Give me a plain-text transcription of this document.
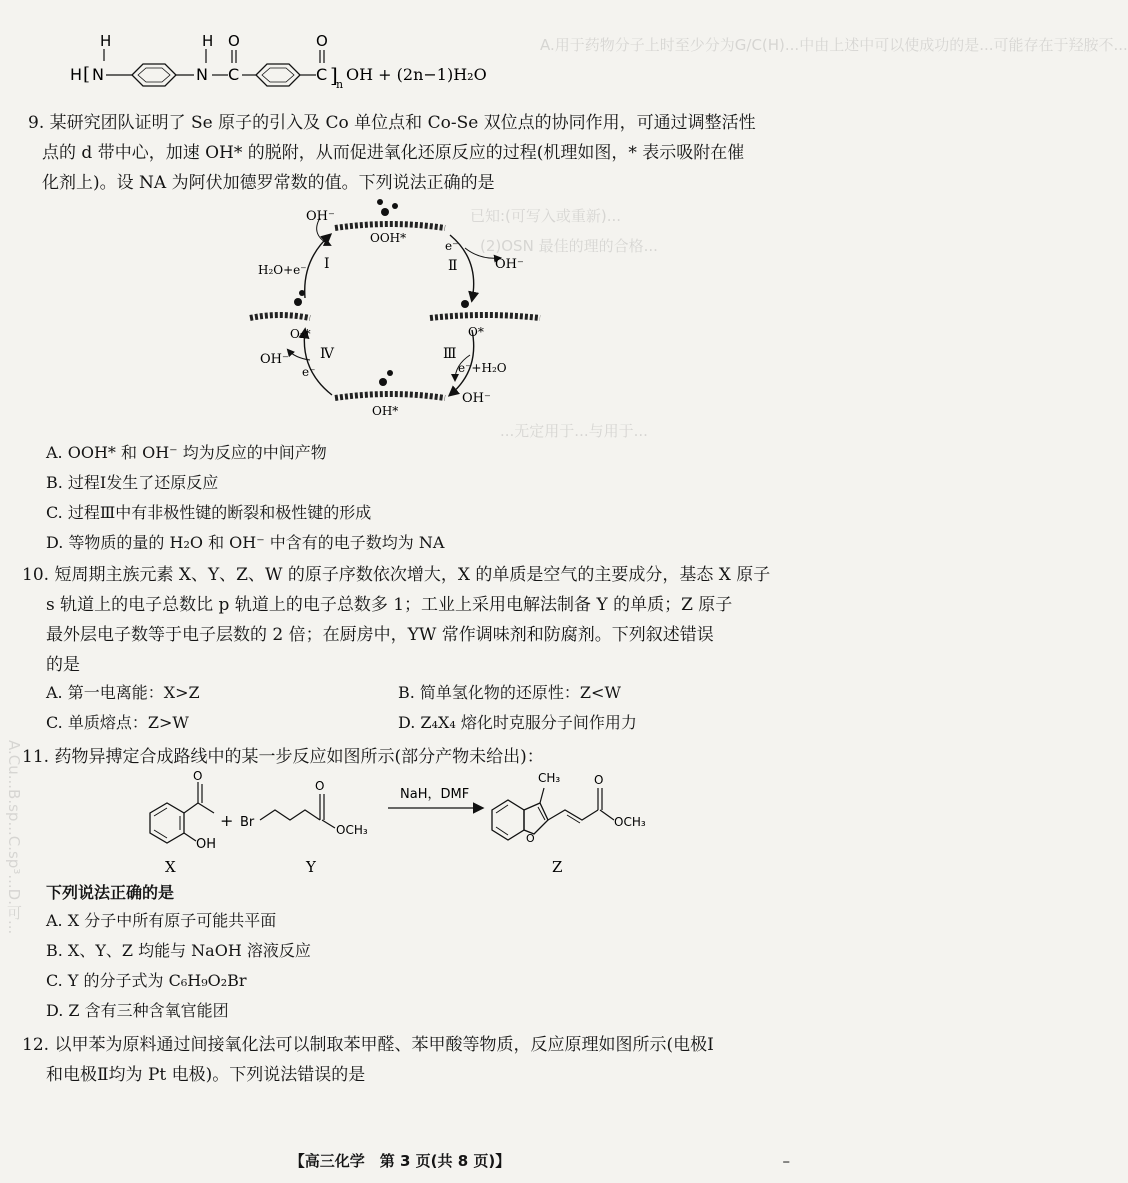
A.用于药物分子上时至少分为G/C(H)...中由上述中可以使成功的是...可能存在于羟胺不...
已知:(可写入或重新)...
(2)OSN 最佳的理的合格...
...无定用于...与用于...
A.Cu...B.sp...C.sp³...D.可...
H
H [ N	N
H
C
O
C
O
]
n
OH + (2n−1)H₂O
9. 某研究团队证明了 Se 原子的引入及 Co 单位点和 Co-Se 双位点的协同作用，可通过调整活性
点的 d 带中心，加速 OH* 的脱附，从而促进氧化还原反应的过程(机理如图，* 表示吸附在催
化剂上)。设 NA 为阿伏加德罗常数的值。下列说法正确的是
OH⁻
OOH*
e⁻
OH⁻
Ⅰ	Ⅱ
Ⅲ
Ⅳ
H₂O+e⁻
O₂*	O*
OH⁻
e⁻	e⁻+H₂O
OH*
OH⁻
A. OOH* 和 OH⁻ 均为反应的中间产物
B. 过程Ⅰ发生了还原反应
C. 过程Ⅲ中有非极性键的断裂和极性键的形成
D. 等物质的量的 H₂O 和 OH⁻ 中含有的电子数均为 NA
10. 短周期主族元素 X、Y、Z、W 的原子序数依次增大，X 的单质是空气的主要成分，基态 X 原子
s 轨道上的电子总数比 p 轨道上的电子总数多 1；工业上采用电解法制备 Y 的单质；Z 原子
最外层电子数等于电子层数的 2 倍；在厨房中，YW 常作调味剂和防腐剂。下列叙述错误
的是
A. 第一电离能：X>Z	B. 简单氢化物的还原性：Z<W
C. 单质熔点：Z>W	D. Z₄X₄ 熔化时克服分子间作用力
11. 药物异搏定合成路线中的某一步反应如图所示(部分产物未给出)：
O
OH
X
+ Br
O
OCH₃
Y
NaH，DMF
O
CH₃	O
OCH₃
Z
下列说法正确的是
A. X 分子中所有原子可能共平面
B. X、Y、Z 均能与 NaOH 溶液反应
C. Y 的分子式为 C₆H₉O₂Br
D. Z 含有三种含氧官能团
12. 以甲苯为原料通过间接氧化法可以制取苯甲醛、苯甲酸等物质，反应原理如图所示(电极Ⅰ
和电极Ⅱ均为 Pt 电极)。下列说法错误的是
【高三化学　第 3 页(共 8 页)】	–
